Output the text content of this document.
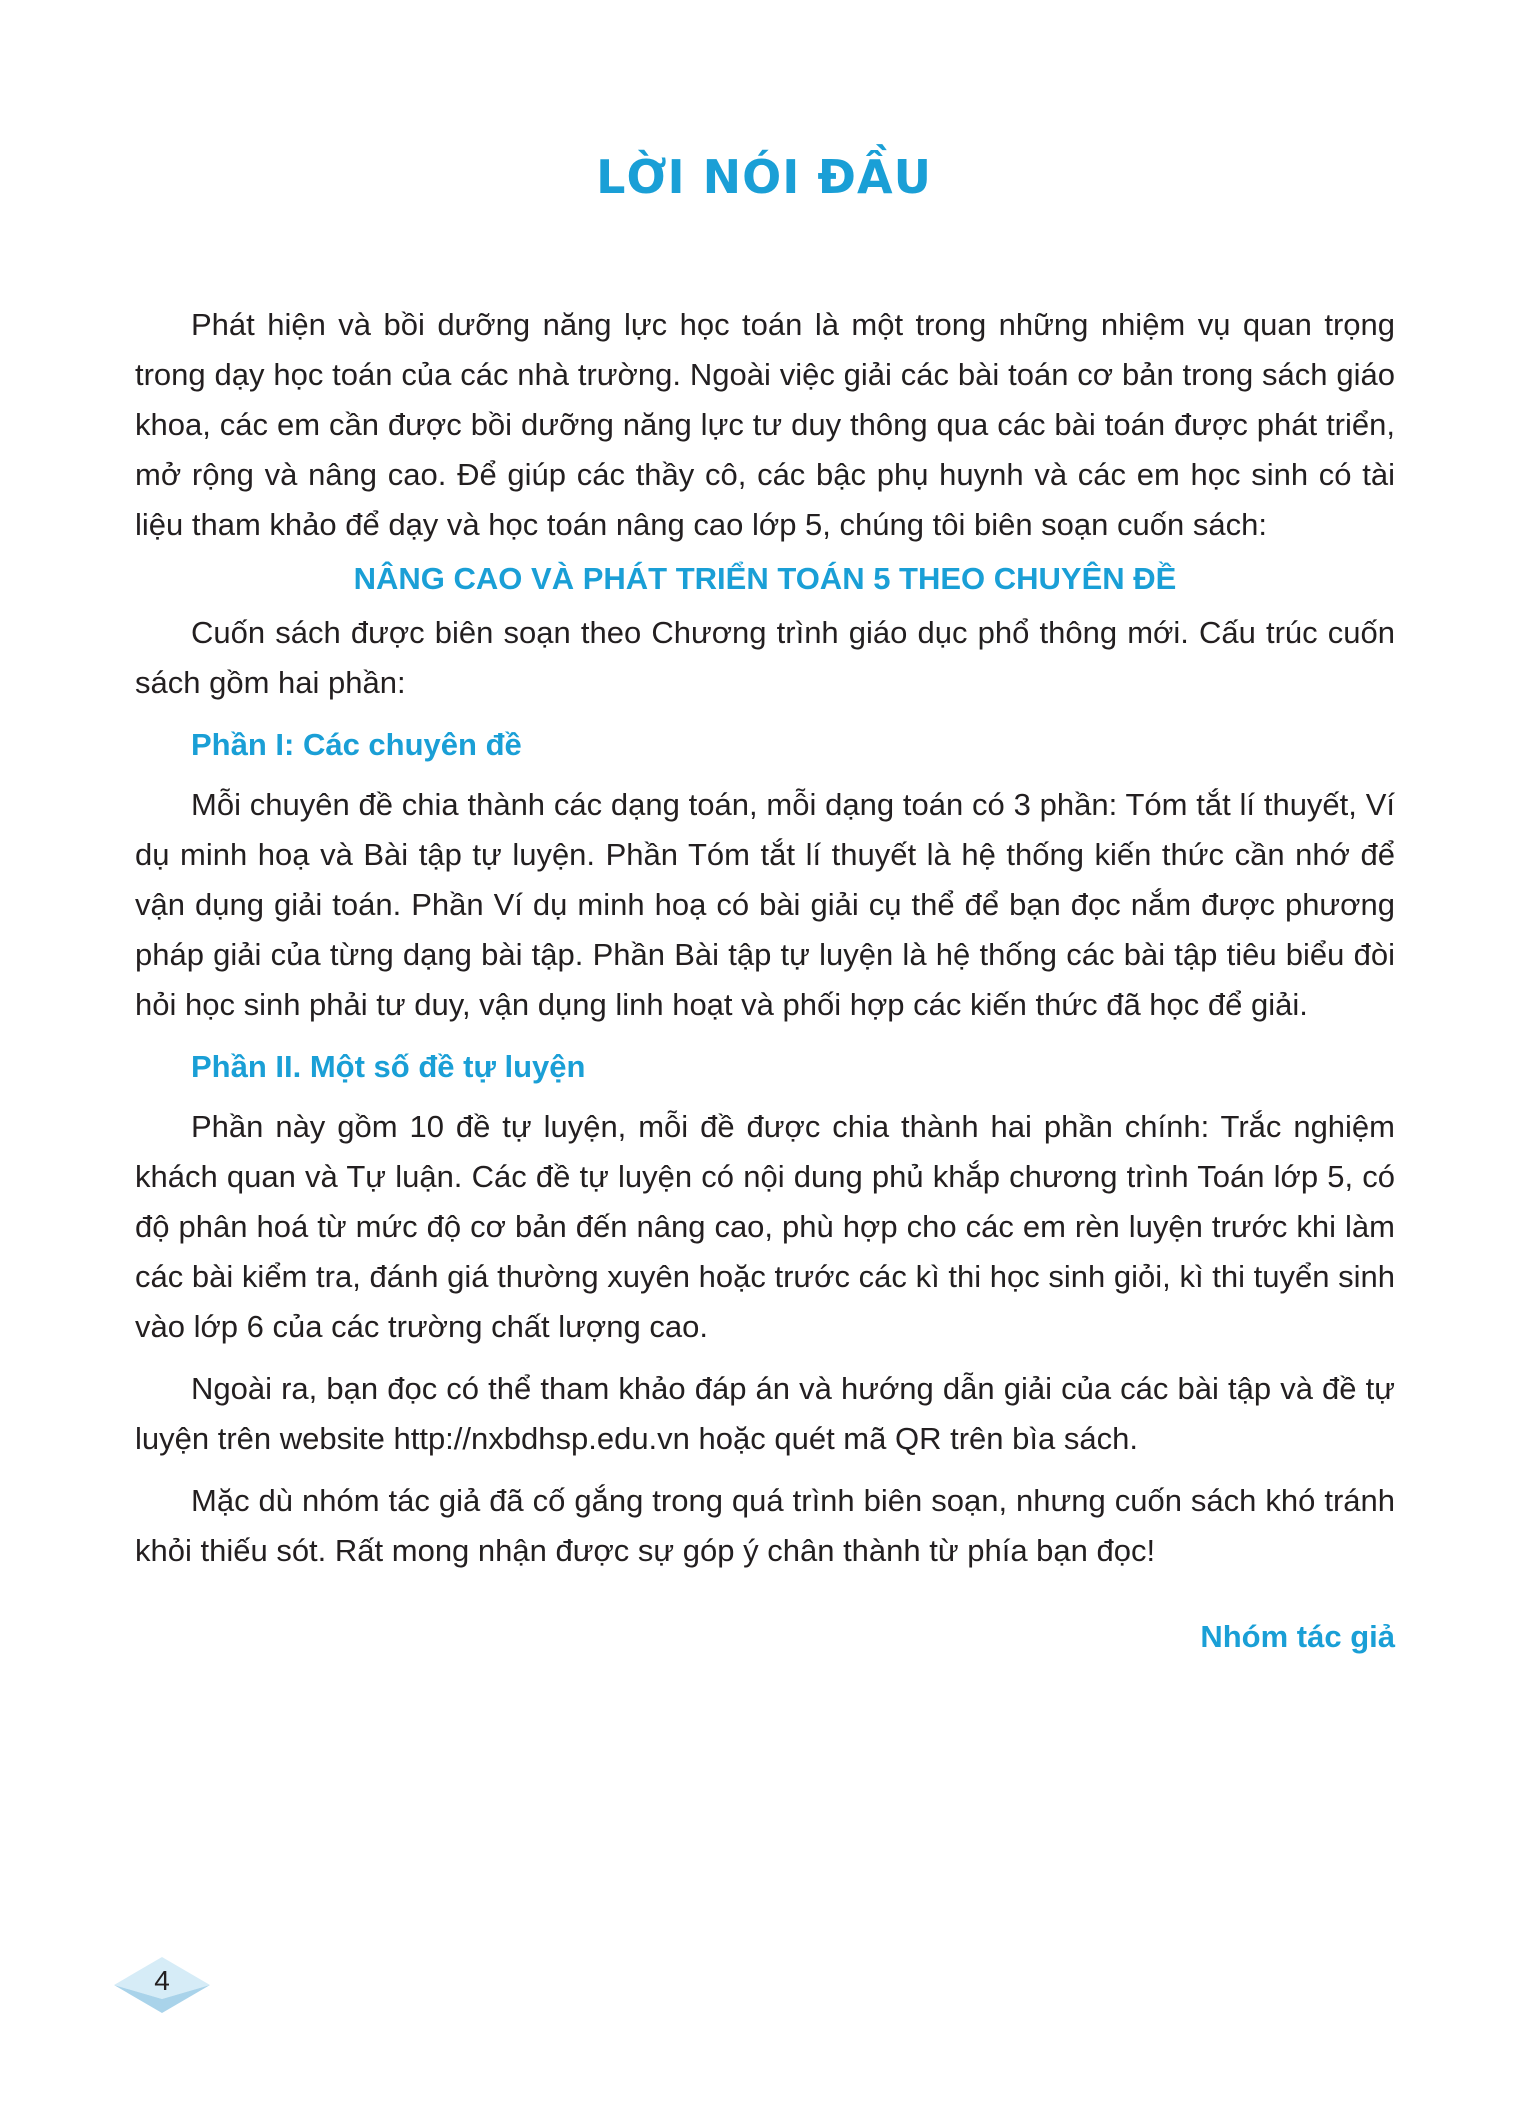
LỜI NÓI ĐẦU

Phát hiện và bồi dưỡng năng lực học toán là một trong những nhiệm vụ quan trọng trong dạy học toán của các nhà trường. Ngoài việc giải các bài toán cơ bản trong sách giáo khoa, các em cần được bồi dưỡng năng lực tư duy thông qua các bài toán được phát triển, mở rộng và nâng cao. Để giúp các thầy cô, các bậc phụ huynh và các em học sinh có tài liệu tham khảo để dạy và học toán nâng cao lớp 5, chúng tôi biên soạn cuốn sách:

NÂNG CAO VÀ PHÁT TRIỂN TOÁN 5 THEO CHUYÊN ĐỀ

Cuốn sách được biên soạn theo Chương trình giáo dục phổ thông mới. Cấu trúc cuốn sách gồm hai phần:

Phần I: Các chuyên đề

Mỗi chuyên đề chia thành các dạng toán, mỗi dạng toán có 3 phần: Tóm tắt lí thuyết, Ví dụ minh hoạ và Bài tập tự luyện. Phần Tóm tắt lí thuyết là hệ thống kiến thức cần nhớ để vận dụng giải toán. Phần Ví dụ minh hoạ có bài giải cụ thể để bạn đọc nắm được phương pháp giải của từng dạng bài tập. Phần Bài tập tự luyện là hệ thống các bài tập tiêu biểu đòi hỏi học sinh phải tư duy, vận dụng linh hoạt và phối hợp các kiến thức đã học để giải.

Phần II. Một số đề tự luyện

Phần này gồm 10 đề tự luyện, mỗi đề được chia thành hai phần chính: Trắc nghiệm khách quan và Tự luận. Các đề tự luyện có nội dung phủ khắp chương trình Toán lớp 5, có độ phân hoá từ mức độ cơ bản đến nâng cao, phù hợp cho các em rèn luyện trước khi làm các bài kiểm tra, đánh giá thường xuyên hoặc trước các kì thi học sinh giỏi, kì thi tuyển sinh vào lớp 6 của các trường chất lượng cao.

Ngoài ra, bạn đọc có thể tham khảo đáp án và hướng dẫn giải của các bài tập và đề tự luyện trên website http://nxbdhsp.edu.vn hoặc quét mã QR trên bìa sách.

Mặc dù nhóm tác giả đã cố gắng trong quá trình biên soạn, nhưng cuốn sách khó tránh khỏi thiếu sót. Rất mong nhận được sự góp ý chân thành từ phía bạn đọc!

Nhóm tác giả
4
